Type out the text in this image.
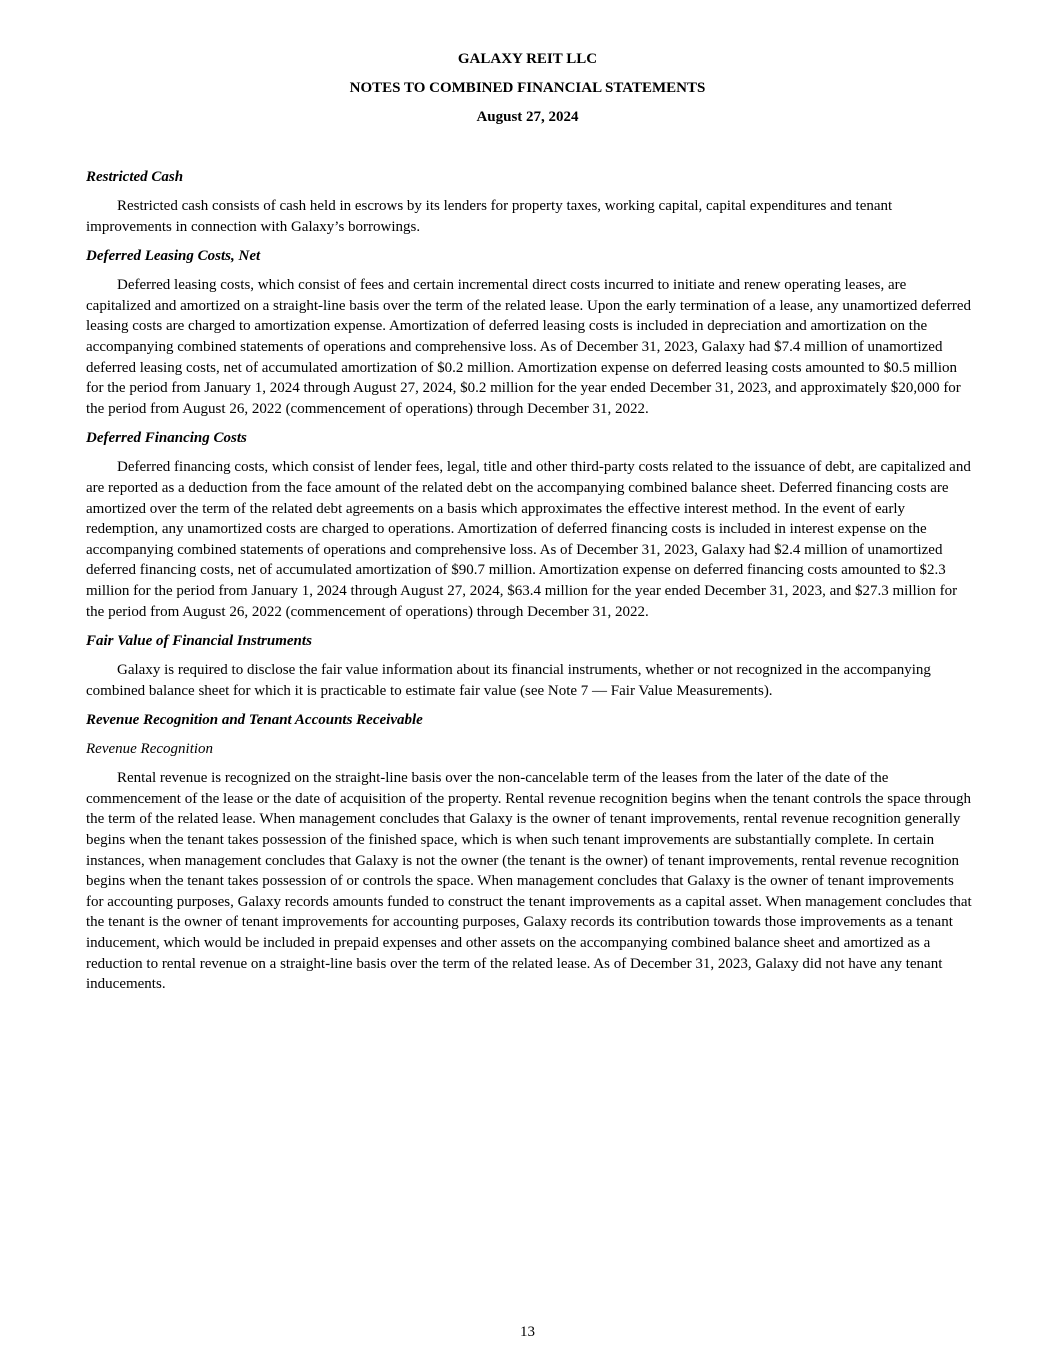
GALAXY REIT LLC
NOTES TO COMBINED FINANCIAL STATEMENTS
August 27, 2024
Restricted Cash

Restricted cash consists of cash held in escrows by its lenders for property taxes, working capital, capital expenditures and tenant improvements in connection with Galaxy’s borrowings.

Deferred Leasing Costs, Net

Deferred leasing costs, which consist of fees and certain incremental direct costs incurred to initiate and renew operating leases, are capitalized and amortized on a straight-line basis over the term of the related lease. Upon the early termination of a lease, any unamortized deferred leasing costs are charged to amortization expense. Amortization of deferred leasing costs is included in depreciation and amortization on the accompanying combined statements of operations and comprehensive loss. As of December 31, 2023, Galaxy had $7.4 million of unamortized deferred leasing costs, net of accumulated amortization of $0.2 million. Amortization expense on deferred leasing costs amounted to $0.5 million for the period from January 1, 2024 through August 27, 2024, $0.2 million for the year ended December 31, 2023, and approximately $20,000 for the period from August 26, 2022 (commencement of operations) through December 31, 2022.

Deferred Financing Costs

Deferred financing costs, which consist of lender fees, legal, title and other third-party costs related to the issuance of debt, are capitalized and are reported as a deduction from the face amount of the related debt on the accompanying combined balance sheet. Deferred financing costs are amortized over the term of the related debt agreements on a basis which approximates the effective interest method. In the event of early redemption, any unamortized costs are charged to operations. Amortization of deferred financing costs is included in interest expense on the accompanying combined statements of operations and comprehensive loss. As of December 31, 2023, Galaxy had $2.4 million of unamortized deferred financing costs, net of accumulated amortization of $90.7 million. Amortization expense on deferred financing costs amounted to $2.3 million for the period from January 1, 2024 through August 27, 2024, $63.4 million for the year ended December 31, 2023, and $27.3 million for the period from August 26, 2022 (commencement of operations) through December 31, 2022.

Fair Value of Financial Instruments

Galaxy is required to disclose the fair value information about its financial instruments, whether or not recognized in the accompanying combined balance sheet for which it is practicable to estimate fair value (see Note 7 — Fair Value Measurements).

Revenue Recognition and Tenant Accounts Receivable
Revenue Recognition

Rental revenue is recognized on the straight-line basis over the non-cancelable term of the leases from the later of the date of the commencement of the lease or the date of acquisition of the property. Rental revenue recognition begins when the tenant controls the space through the term of the related lease. When management concludes that Galaxy is the owner of tenant improvements, rental revenue recognition generally begins when the tenant takes possession of the finished space, which is when such tenant improvements are substantially complete. In certain instances, when management concludes that Galaxy is not the owner (the tenant is the owner) of tenant improvements, rental revenue recognition begins when the tenant takes possession of or controls the space. When management concludes that Galaxy is the owner of tenant improvements for accounting purposes, Galaxy records amounts funded to construct the tenant improvements as a capital asset. When management concludes that the tenant is the owner of tenant improvements for accounting purposes, Galaxy records its contribution towards those improvements as a tenant inducement, which would be included in prepaid expenses and other assets on the accompanying combined balance sheet and amortized as a reduction to rental revenue on a straight-line basis over the term of the related lease. As of December 31, 2023, Galaxy did not have any tenant inducements.

13
